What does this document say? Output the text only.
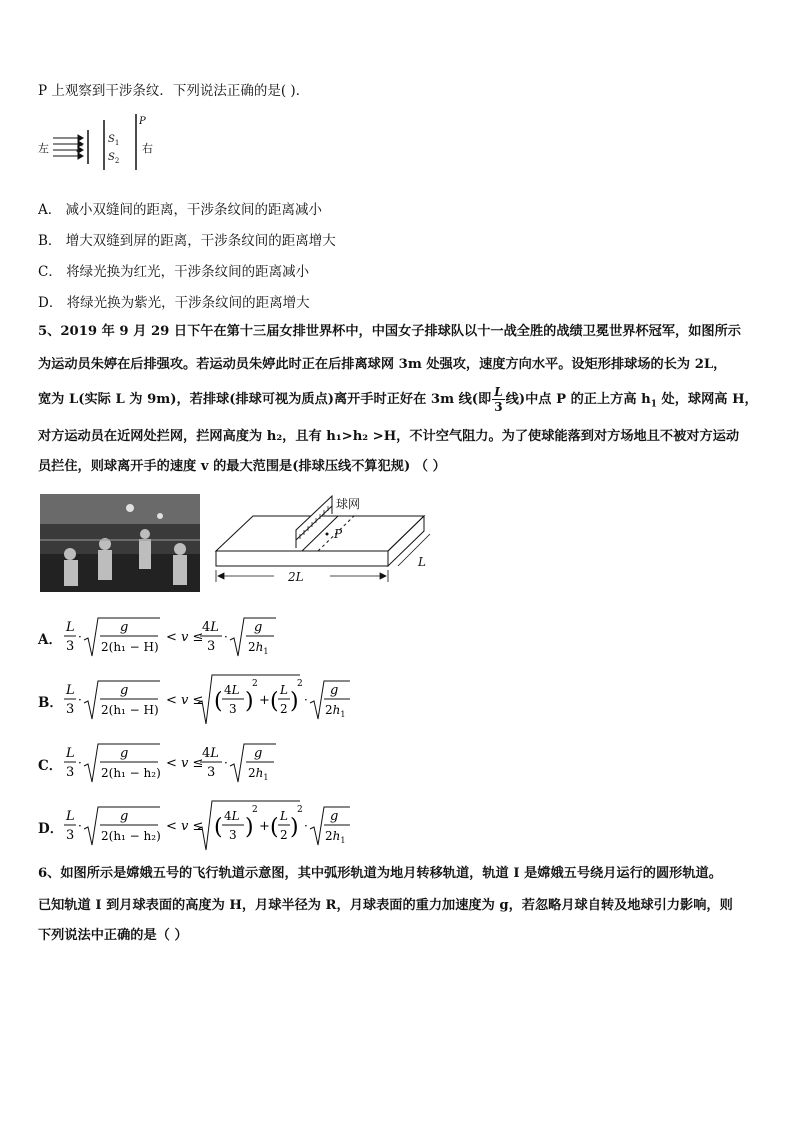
P 上观察到干涉条纹．下列说法正确的是( )．
左	S
$S_1$
$S_2$
P
右
A． 减小双缝间的距离，干涉条纹间的距离减小
B． 增大双缝到屏的距离，干涉条纹间的距离增大
C． 将绿光换为红光，干涉条纹间的距离减小
D． 将绿光换为紫光，干涉条纹间的距离增大
5、2019 年 9 月 29 日下午在第十三届女排世界杯中，中国女子排球队以十一战全胜的战绩卫冕世界杯冠军，如图所示
为运动员朱婷在后排强攻。若运动员朱婷此时正在后排离球网 3m 处强攻，速度方向水平。设矩形排球场的长为 2L，
宽为 L(实际 L 为 9m)，若排球(排球可视为质点)离开手时正好在 3m 线(即 $\frac{L}{3}$ 线)中点 P 的正上方高 $h_1$ 处，球网高 H，
对方运动员在近网处拦网，拦网高度为 h₂，且有 h₁>h₂ >H，不计空气阻力。为了使球能落到对方场地且不被对方运动
员拦住，则球离开手的速度 v 的最大范围是(排球压线不算犯规) （ ）
球网
P
2L
L
A．
B．
C．
D．
L
3
·
g
2(h₁ − H)
< v ≤
4L
3
·
g
$2h_1$
L
3
·
g
2(h₁ − H)
< v ≤ ( 4L
3 )
2
+ ( L
2 )
2
·
g
$2h_1$
L
3
·
g
2(h₁ − h₂)
< v ≤
4L
3
·
g
$2h_1$
L
3
·
g
2(h₁ − h₂)
< v ≤ ( 4L
3 )
2
+ ( L
2 )
2
·
g
$2h_1$
6、如图所示是嫦娥五号的飞行轨道示意图，其中弧形轨道为地月转移轨道，轨道 I 是嫦娥五号绕月运行的圆形轨道。
已知轨道 I 到月球表面的高度为 H，月球半径为 R，月球表面的重力加速度为 g，若忽略月球自转及地球引力影响，则
下列说法中正确的是（ ）
